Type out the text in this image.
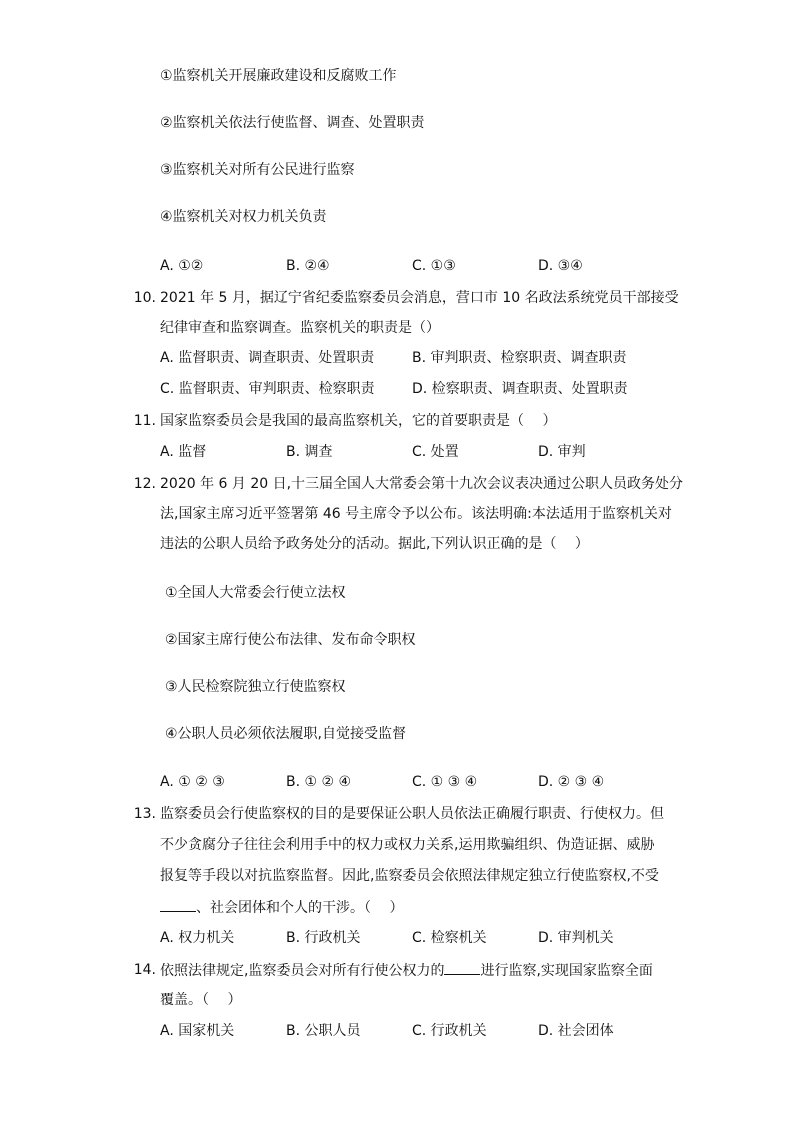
①监察机关开展廉政建设和反腐败工作
②监察机关依法行使监督、调查、处置职责
③监察机关对所有公民进行监察
④监察机关对权力机关负责
A. ①②	B. ②④	C. ①③	D. ③④
10. 2021 年 5 月，据辽宁省纪委监察委员会消息，营口市 10 名政法系统党员干部接受
纪律审查和监察调查。监察机关的职责是（）
A. 监督职责、调查职责、处置职责	B. 审判职责、检察职责、调查职责
C. 监督职责、审判职责、检察职责	D. 检察职责、调查职责、处置职责
11. 国家监察委员会是我国的最高监察机关，它的首要职责是（　 ）
A. 监督	B. 调查	C. 处置	D. 审判
12. 2020 年 6 月 20 日,十三届全国人大常委会第十九次会议表决通过公职人员政务处分
法,国家主席习近平签署第 46 号主席令予以公布。该法明确:本法适用于监察机关对
违法的公职人员给予政务处分的活动。据此,下列认识正确的是（　 ）
①全国人大常委会行使立法权
②国家主席行使公布法律、发布命令职权
③人民检察院独立行使监察权
④公职人员必须依法履职,自觉接受监督
A. ① ② ③	B. ① ② ④	C. ① ③ ④	D. ② ③ ④
13. 监察委员会行使监察权的目的是要保证公职人员依法正确履行职责、行使权力。但
不少贪腐分子往往会利用手中的权力或权力关系,运用欺骗组织、伪造证据、威胁
报复等手段以对抗监察监督。因此,监察委员会依照法律规定独立行使监察权,不受
、社会团体和个人的干涉。（　 ）
A. 权力机关	B. 行政机关	C. 检察机关	D. 审判机关
14. 依照法律规定,监察委员会对所有行使公权力的	进行监察,实现国家监察全面
覆盖。（　 ）
A. 国家机关	B. 公职人员	C. 行政机关	D. 社会团体
